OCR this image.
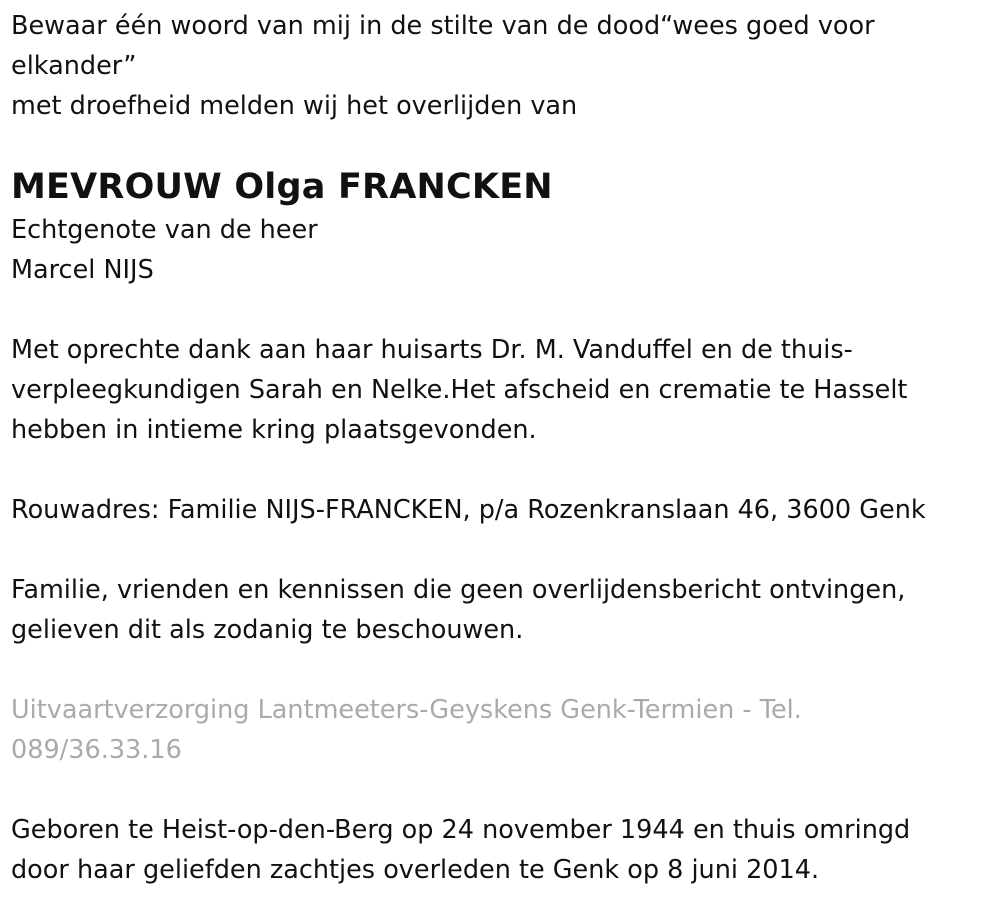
Bewaar één woord van mij in de stilte van de dood“wees goed voor
elkander”
met droefheid melden wij het overlijden van
MEVROUW Olga FRANCKEN
Echtgenote van de heer
Marcel NIJS
Met oprechte dank aan haar huisarts Dr. M. Vanduffel en de thuis-
verpleegkundigen Sarah en Nelke.Het afscheid en crematie te Hasselt
hebben in intieme kring plaatsgevonden.
Rouwadres: Familie NIJS-FRANCKEN, p/a Rozenkranslaan 46, 3600 Genk
Familie, vrienden en kennissen die geen overlijdensbericht ontvingen,
gelieven dit als zodanig te beschouwen.
Uitvaartverzorging Lantmeeters-Geyskens Genk-Termien - Tel.
089/36.33.16
Geboren te Heist-op-den-Berg op 24 november 1944 en thuis omringd
door haar geliefden zachtjes overleden te Genk op 8 juni 2014.
